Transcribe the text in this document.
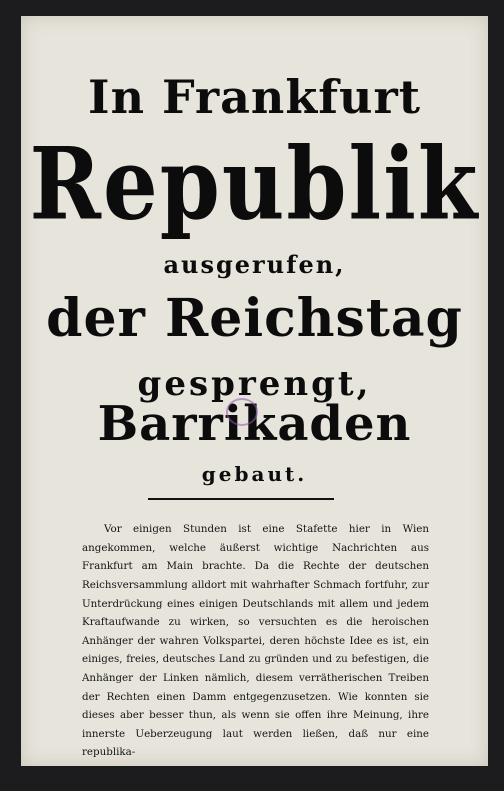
In Frankfurt
Republik
ausgerufen,
der Reichstag
gesprengt,
Barrikaden
gebaut.

Vor einigen Stunden ist eine Stafette hier in Wien angekommen, welche äußerst wichtige Nachrichten aus Frankfurt am Main brachte. Da die Rechte der deutschen Reichsversammlung alldort mit wahrhafter Schmach fortfuhr, zur Unterdrückung eines einigen Deutschlands mit allem und jedem Kraftaufwande zu wirken, so versuchten es die heroischen Anhänger der wahren Volkspartei, deren höchste Idee es ist, ein einiges, freies, deutsches Land zu gründen und zu befestigen, die Anhänger der Linken nämlich, diesem verrätherischen Treiben der Rechten einen Damm entgegenzusetzen. Wie konnten sie dieses aber besser thun, als wenn sie offen ihre Meinung, ihre innerste Ueberzeugung laut werden ließen, daß nur eine republika-
